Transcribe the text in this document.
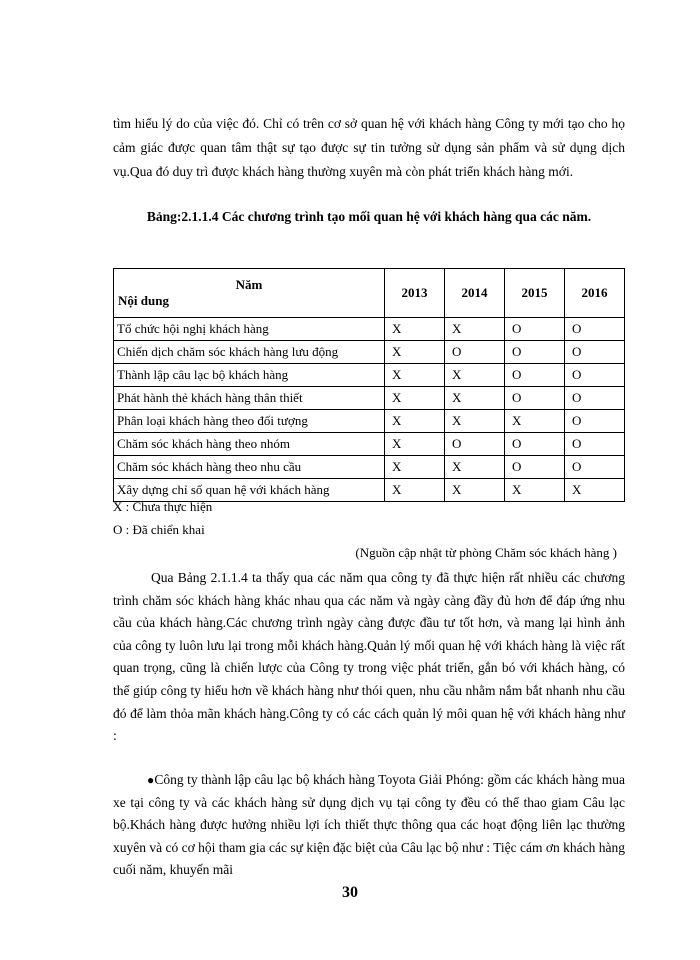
tìm hiểu lý do của việc đó. Chỉ có trên cơ sở quan hệ với khách hàng Công ty mới tạo cho họ cảm giác được quan tâm thật sự tạo được sự tin tưởng sử dụng sản phẩm và sử dụng dịch vụ.Qua đó duy trì được khách hàng thường xuyên mà còn phát triển khách hàng mới.

Bảng:2.1.1.4 Các chương trình tạo mối quan hệ với khách hàng qua các năm.
Năm
Nội dung	2013	2014	2015	2016
Tổ chức hội nghị khách hàng	X	X	O	O
Chiến dịch chăm sóc khách hàng lưu động	X	O	O	O
Thành lập câu lạc bộ khách hàng	X	X	O	O
Phát hành thẻ khách hàng thân thiết	X	X	O	O
Phân loại khách hàng theo đối tượng	X	X	X	O
Chăm sóc khách hàng theo nhóm	X	O	O	O
Chăm sóc khách hàng theo nhu cầu	X	X	O	O
Xây dựng chỉ số quan hệ với khách hàng	X	X	X	X
X : Chưa thực hiện
O : Đã chiển khai
(Nguồn cập nhật từ phòng Chăm sóc khách hàng )

Qua Bảng 2.1.1.4 ta thấy qua các năm qua công ty đã thực hiện rất nhiều các chương trình chăm sóc khách hàng khác nhau qua các năm và ngày càng đầy đủ hơn để đáp ứng nhu cầu của khách hàng.Các chương trình ngày càng được đầu tư tốt hơn, và mang lại hình ảnh của công ty luôn lưu lại trong mỗi khách hàng.Quản lý mối quan hệ với khách hàng là việc rất quan trọng, cũng là chiến lược của Công ty trong việc phát triển, gắn bó với khách hàng, có thể giúp công ty hiểu hơn về khách hàng như thói quen, nhu cầu nhằm nắm bắt nhanh nhu cầu đó để làm thỏa mãn khách hàng.Công ty có các cách quản lý môi quan hệ với khách hàng như :

●Công ty thành lập câu lạc bộ khách hàng Toyota Giải Phóng: gồm các khách hàng mua xe tại công ty và các khách hàng sử dụng dịch vụ tại công ty đều có thể thao giam Câu lạc bộ.Khách hàng được hưởng nhiều lợi ích thiết thực thông qua các hoạt động liên lạc thường xuyên và có cơ hội tham gia các sự kiện đặc biệt của Câu lạc bộ như : Tiệc cám ơn khách hàng cuối năm, khuyến mãi

30
